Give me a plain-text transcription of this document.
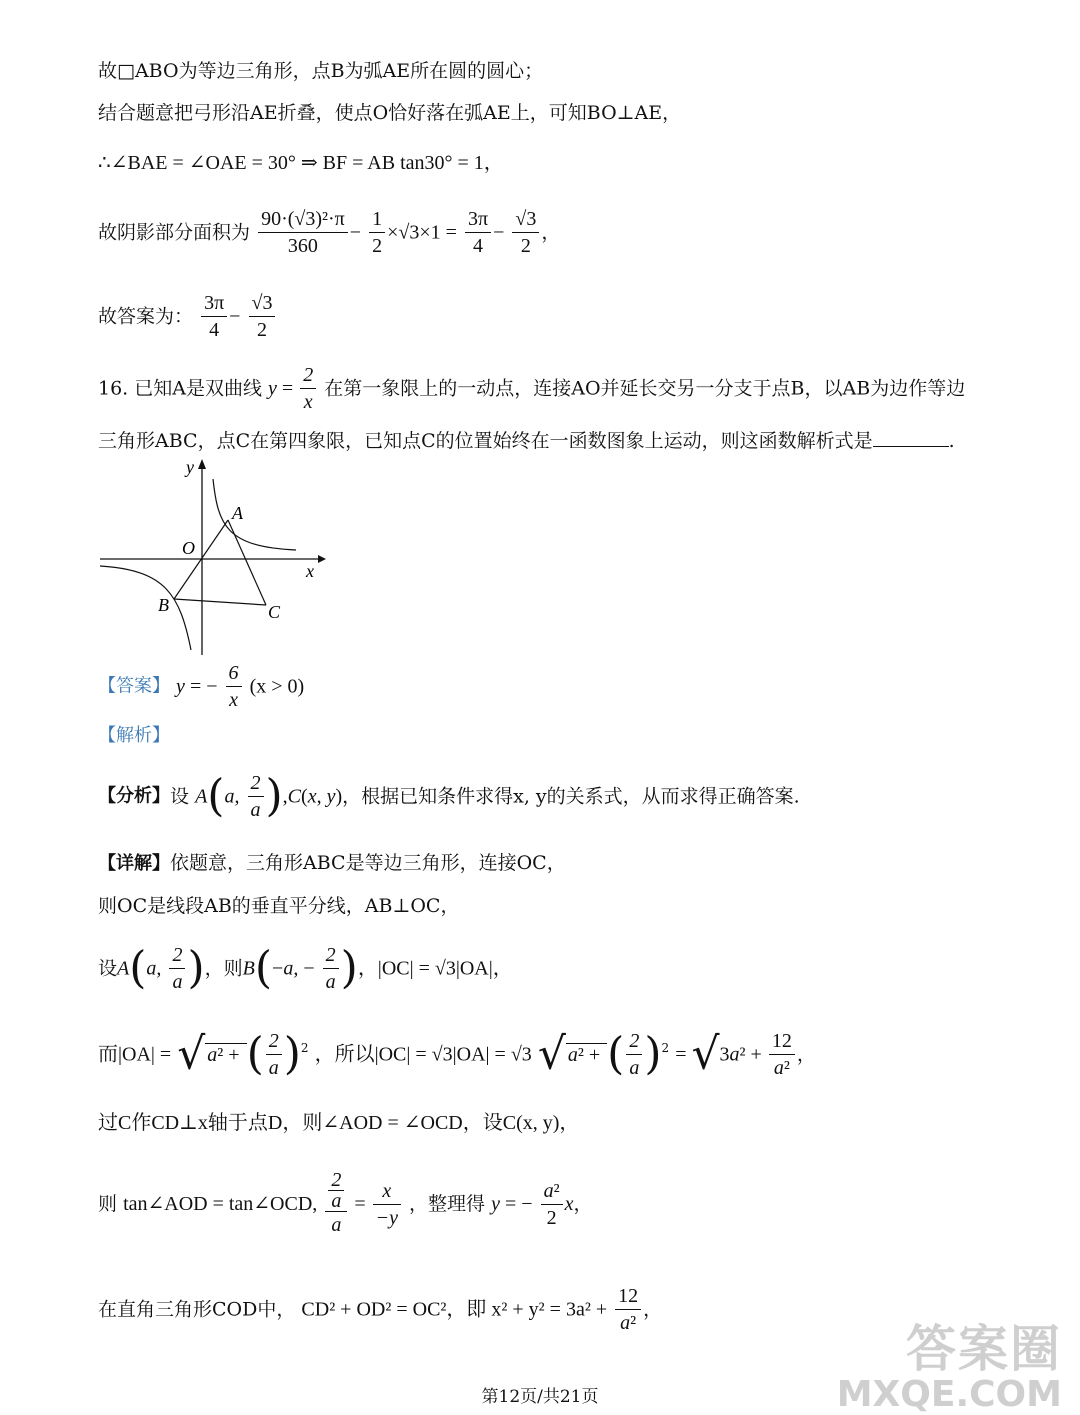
故□ABO为等边三角形，点B为弧AE所在圆的圆心；
结合题意把弓形沿AE折叠，使点O恰好落在弧AE上，可知BO⊥AE，
∴∠BAE = ∠OAE = 30° ⇒ BF = AB tan30° = 1，
故阴影部分面积为 $\frac{\text{90·(√3)²·π}}{360} - \frac{1}{2} \times√3\times 1 = \frac{3\pi}{4} - \frac{√3}{2}$ ，
故答案为： $\frac{3\pi}{4} - \frac{√3}{2}$
16. 已知A是双曲线 $y = \frac{2}{x}$ 在第一象限上的一动点，连接AO并延长交另一分支于点B，以AB为边作等边
三角形ABC，点C在第四象限，已知点C的位置始终在一函数图象上运动，则这函数解析式是	.
y
x
O
A
B	C
【答案】 y = − $\frac{6}{x} (x > 0)$
【解析】
【分析】设 A(a, $\frac{2}{a} ),C(x$, y)，根据已知条件求得x, y的关系式，从而求得正确答案.
【详解】依题意，三角形ABC是等边三角形，连接OC，
则OC是线段AB的垂直平分线，AB⊥OC，
设A(a, $\frac{2}{a}$ )，则B(−a, − $\frac{2}{a}$ )，|OC| = √3|OA|，
而|OA| = √ a² + ( $\frac{2}{a} )^2$ ，所以|OC| = √3|OA| = √3 √ a² + ( $\frac{2}{a} )^2 = √3a^2 + \frac{12}{\text{a²}}$ ，
过C作CD⊥x轴于点D，则∠AOD = ∠OCD，设C(x, y)，
则 tan∠AOD = tan∠OCD, $\frac{\frac{2}{a}}{a} = \frac{x}{-y}$ ，整理得 y = − $\frac{\text{a²}}{2}$ x，
在直角三角形COD中， CD² + OD² = OC²，即 $x^2 + y^2 = 3a^2 + \frac{12}{\text{a²}}$ ，
第12页/共21页
答案圈
MXQE.COM
